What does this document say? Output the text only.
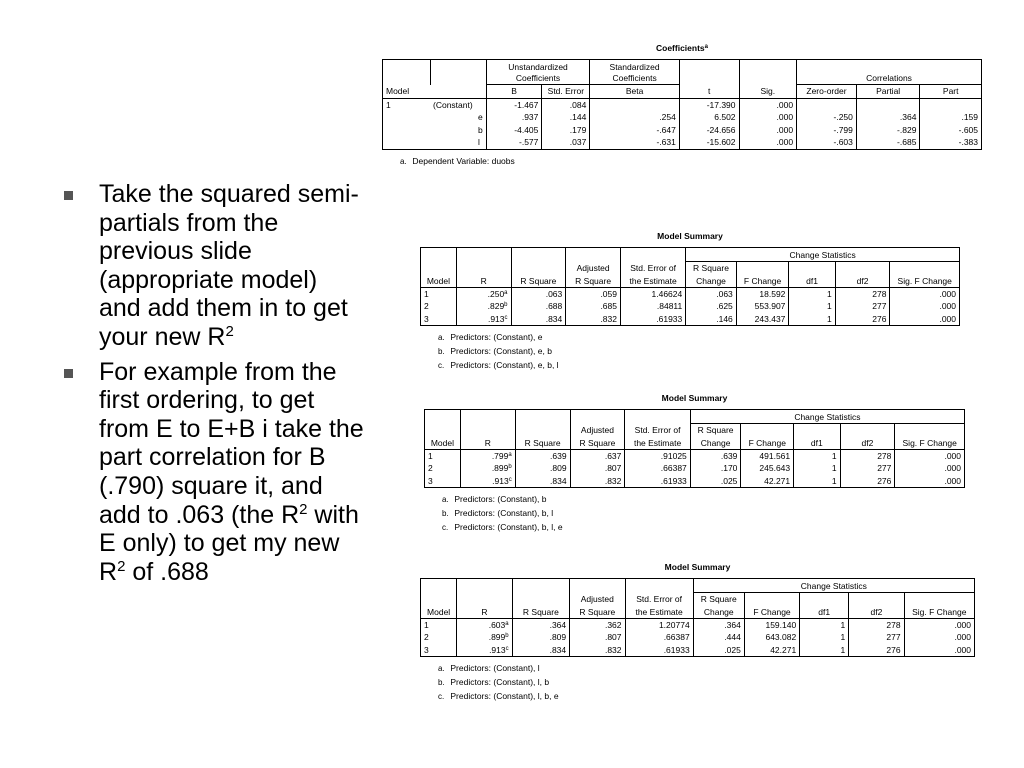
Take the squared semi-partials from the previous slide (appropriate model) and add them in to get your new $R^2$
For example from the first ordering, to get from E to E+B i take the part correlation for B (.790) square it, and add to .063 (the $R^2$ with E only) to get my new $R^2$ of .688
Coefficients$^a$
		Unstandardized Coefficients		Standardized Coefficients			Correlations		
Model		B	Std. Error	Beta	t	Sig.	Zero-order	Partial	Part
1	(Constant)	-1.467	.084		-17.390	.000			
	e	.937	.144	.254	6.502	.000	-.250	.364	.159
	b	-4.405	.179	-.647	-24.656	.000	-.799	-.829	-.605
	l	-.577	.037	-.631	-15.602	.000	-.603	-.685	-.383
a. Dependent Variable: duobs
Model Summary
					Change Statistics				
			Adjusted	Std. Error of	R Square				
Model	R	R Square	R Square	the Estimate	Change	F Change	df1	df2	Sig. F Change
1	.250$^a$	.063	.059	1.46624	.063	18.592	1	278	.000
2	.829$^b$	.688	.685	.84811	.625	553.907	1	277	.000
3	.913$^c$	.834	.832	.61933	.146	243.437	1	276	.000
a. Predictors: (Constant), e
b. Predictors: (Constant), e, b
c. Predictors: (Constant), e, b, l
Model Summary
					Change Statistics				
			Adjusted	Std. Error of	R Square				
Model	R	R Square	R Square	the Estimate	Change	F Change	df1	df2	Sig. F Change
1	.799$^a$	.639	.637	.91025	.639	491.561	1	278	.000
2	.899$^b$	.809	.807	.66387	.170	245.643	1	277	.000
3	.913$^c$	.834	.832	.61933	.025	42.271	1	276	.000
a. Predictors: (Constant), b
b. Predictors: (Constant), b, l
c. Predictors: (Constant), b, l, e
Model Summary
					Change Statistics				
			Adjusted	Std. Error of	R Square				
Model	R	R Square	R Square	the Estimate	Change	F Change	df1	df2	Sig. F Change
1	.603$^a$	.364	.362	1.20774	.364	159.140	1	278	.000
2	.899$^b$	.809	.807	.66387	.444	643.082	1	277	.000
3	.913$^c$	.834	.832	.61933	.025	42.271	1	276	.000
a. Predictors: (Constant), l
b. Predictors: (Constant), l, b
c. Predictors: (Constant), l, b, e
